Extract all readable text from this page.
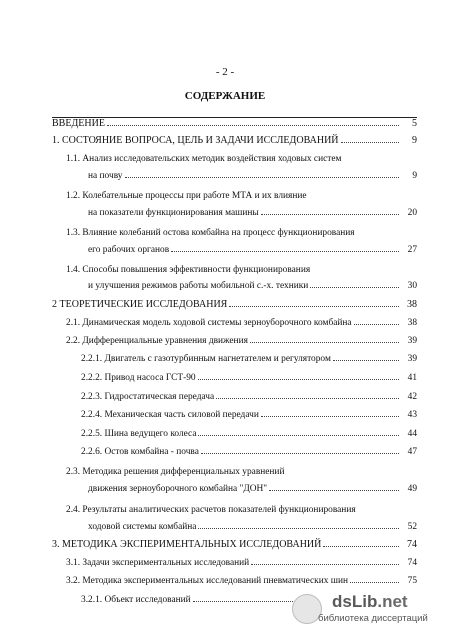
- 2 -
СОДЕРЖАНИЕ
ВВЕДЕНИЕ	5
1. СОСТОЯНИЕ ВОПРОСА, ЦЕЛЬ И ЗАДАЧИ ИССЛЕДОВАНИЙ	9
1.1. Анализ исследовательских методик воздействия ходовых систем
на почву	9
1.2. Колебательные процессы при работе МТА и их влияние
на показатели функционирования машины	20
1.3. Влияние колебаний остова комбайна на процесс функционирования
его рабочих органов	27
1.4. Способы повышения эффективности функционирования
и улучшения режимов работы мобильной с.-х. техники	30
2 ТЕОРЕТИЧЕСКИЕ ИССЛЕДОВАНИЯ	38
2.1. Динамическая модель ходовой системы зерноуборочного комбайна	38
2.2. Дифференциальные уравнения движения	39
2.2.1. Двигатель с газотурбинным нагнетателем и регулятором	39
2.2.2. Привод насоса ГСТ-90	41
2.2.3. Гидростатическая передача	42
2.2.4. Механическая часть силовой передачи	43
2.2.5. Шина ведущего колеса	44
2.2.6. Остов комбайна - почва	47
2.3. Методика решения дифференциальных уравнений
движения зерноуборочного комбайна "ДОН"	49
2.4. Результаты аналитических расчетов показателей функционирования
ходовой системы комбайна	52
3. МЕТОДИКА ЭКСПЕРИМЕНТАЛЬНЫХ ИССЛЕДОВАНИЙ	74
3.1. Задачи экспериментальных исследований	74
3.2. Методика экспериментальных исследований пневматических шин	75
3.2.1. Объект исследований	dsLib.net
библиотека диссертаций
